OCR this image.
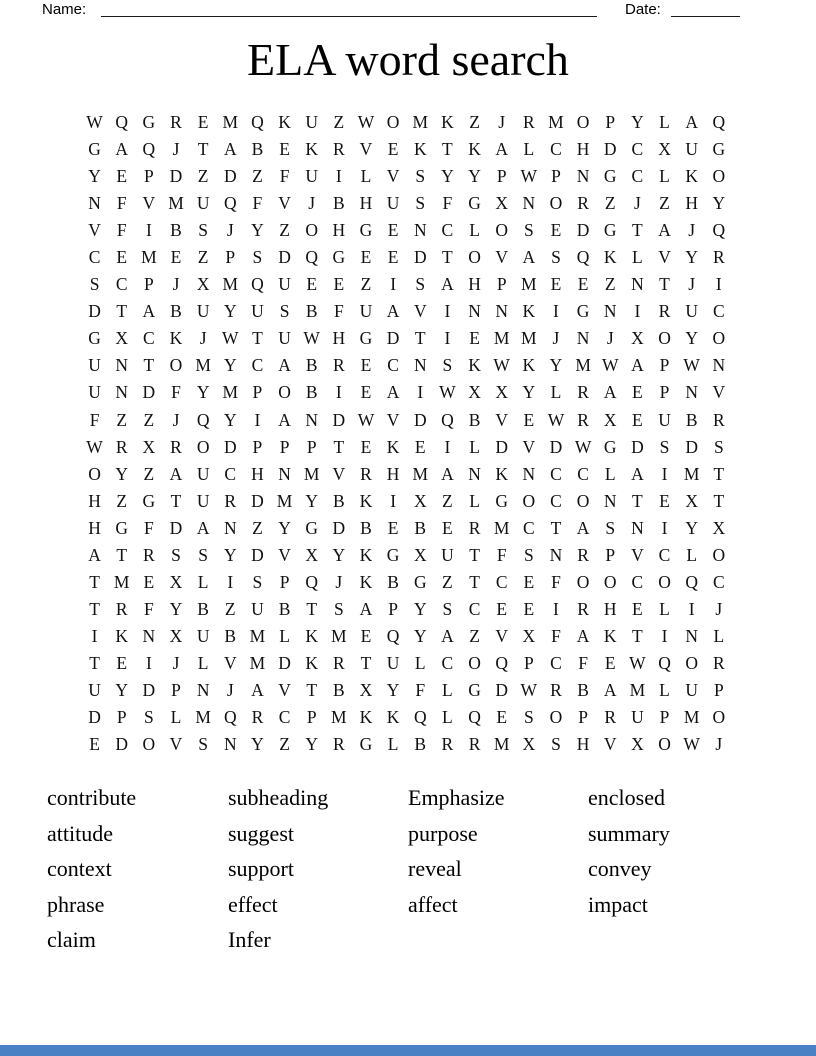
Name:	Date:
ELA word search
W Q G R E M Q K U Z W O M K Z	J	R M O P Y L A Q
G A Q J	T A B E K R V E K T K A L C H D C X U G
Y E P D Z D Z F U	I	L V S Y Y P W P N G C L K O
N F V M U Q F V J	B H U S F G X N O R Z	J	Z H Y
V F	I	B S	J Y Z O H G E N C L O S E D G T A J Q
C E M E Z P S D Q G E E D T O V A S Q K L V Y R
S C P	J X M Q U E E Z	I	S A H P M E E Z N T	J	I
D T A B U Y U S B F U A V	I	N N K	I	G N	I	R U C
G X C K J W T U W H G D T	I	E M M J N J X O Y O
U N T O M Y C A B R E C N S K W K Y M W A P W N
U N D F Y M P O B	I	E A	I W X X Y L R A E P N V
F Z Z	J Q Y	I	A N D W V D Q B V E W R X E U B R
W R X R O D P P P T E K E	I	L D V D W G D S D S
O Y Z A U C H N M V R H M A N K N C C L A	I M T
H Z G T U R D M Y B K	I	X Z L G O C O N T E X T
H G F D A N Z Y G D B E B E R M C T A S N	I	Y X
A T R S S Y D V X Y K G X U T F S N R P V C L O
T M E X L	I	S P Q J K B G Z T C E F O O C O Q C
T R F Y B Z U B T S A P Y S C E E	I	R H E L	I	J
I	K N X U B M L K M E Q Y A Z V X F A K T	I	N L
T E	I	J	L V M D K R T U L C O Q P C F E W Q O R
U Y D P N J A V T B X Y F L G D W R B A M L U P
D P S L M Q R C P M K K Q L Q E S O P R U P M O
E D O V S N Y Z Y R G L B R R M X S H V X O W J
contribute
attitude
context
phrase
claim
subheading
suggest
support
effect
Infer
Emphasize
purpose
reveal
affect
enclosed
summary
convey
impact
